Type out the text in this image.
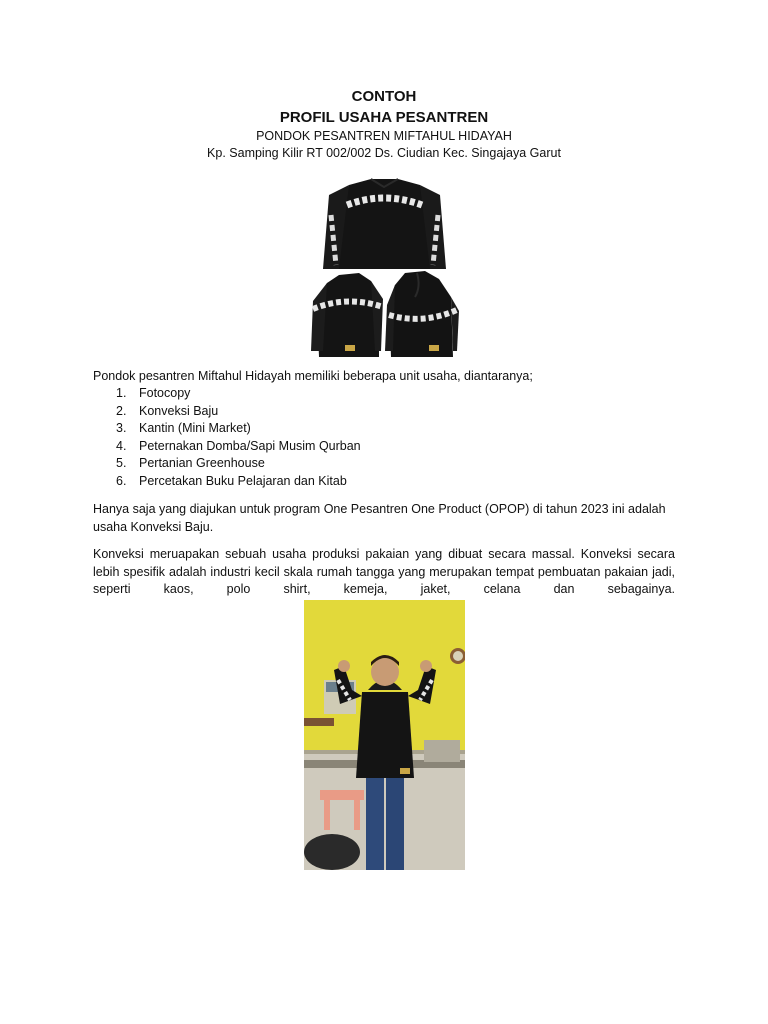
CONTOH
PROFIL USAHA PESANTREN
PONDOK PESANTREN MIFTAHUL HIDAYAH
Kp. Samping Kilir RT 002/002 Ds. Ciudian Kec. Singajaya Garut
Pondok pesantren Miftahul Hidayah memiliki beberapa unit usaha, diantaranya;
1. Fotocopy
2. Konveksi Baju
3. Kantin (Mini Market)
4. Peternakan Domba/Sapi Musim Qurban
5. Pertanian Greenhouse
6. Percetakan Buku Pelajaran dan Kitab
Hanya saja yang diajukan untuk program One Pesantren One Product (OPOP) di tahun 2023 ini adalah usaha Konveksi Baju.
Konveksi meruapakan sebuah usaha produksi pakaian yang dibuat secara massal. Konveksi secara lebih spesifik adalah industri kecil skala rumah tangga yang merupakan tempat pembuatan pakaian jadi, seperti kaos, polo shirt, kemeja, jaket, celana dan sebagainya.
